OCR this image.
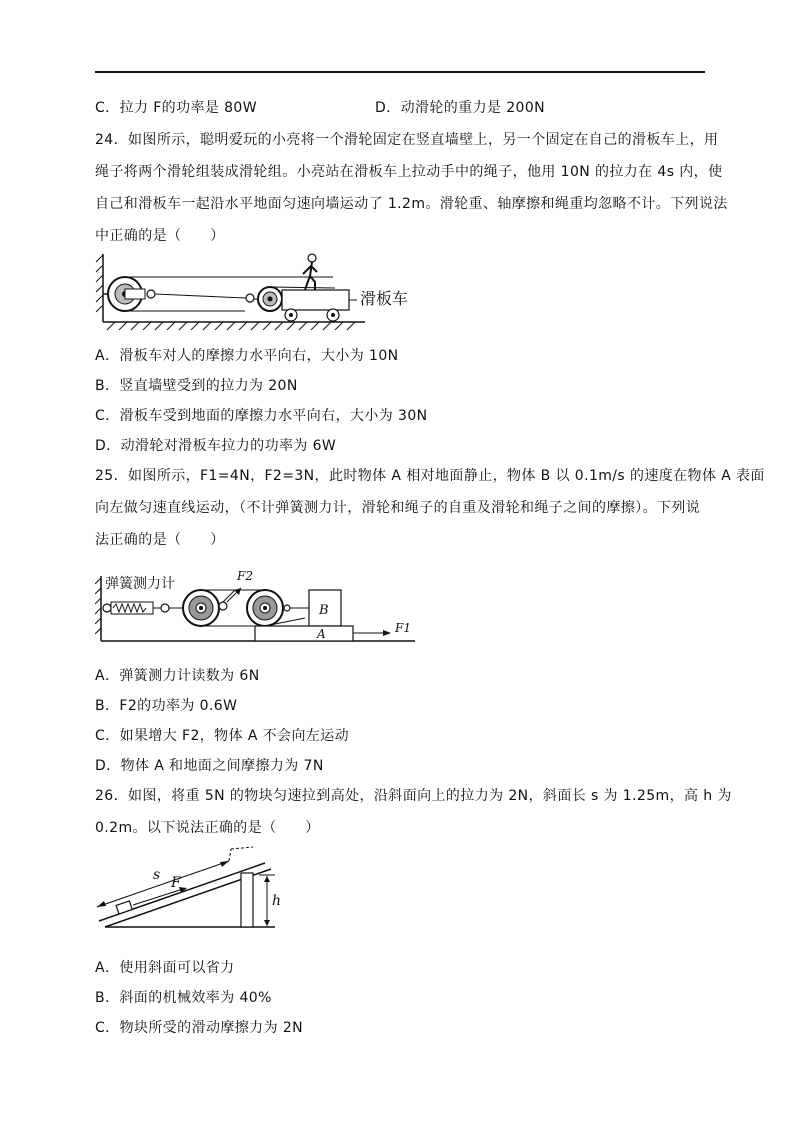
C．拉力 F的功率是 80W	D．动滑轮的重力是 200N
24．如图所示，聪明爱玩的小亮将一个滑轮固定在竖直墙壁上，另一个固定在自己的滑板车上，用
绳子将两个滑轮组装成滑轮组。小亮站在滑板车上拉动手中的绳子，他用 10N 的拉力在 4s 内，使
自己和滑板车一起沿水平地面匀速向墙运动了 1.2m。滑轮重、轴摩擦和绳重均忽略不计。下列说法
中正确的是（　　）
滑板车
A．滑板车对人的摩擦力水平向右，大小为 10N
B．竖直墙壁受到的拉力为 20N
C．滑板车受到地面的摩擦力水平向右，大小为 30N
D．动滑轮对滑板车拉力的功率为 6W
25．如图所示，F1=4N，F2=3N，此时物体 A 相对地面静止，物体 B 以 0.1m/s 的速度在物体 A 表面
向左做匀速直线运动，（不计弹簧测力计，滑轮和绳子的自重及滑轮和绳子之间的摩擦）。下列说
法正确的是（　　）
弹簧测力计	F2
B
A	F1
A．弹簧测力计读数为 6N
B．F2的功率为 0.6W
C．如果增大 F2，物体 A 不会向左运动
D．物体 A 和地面之间摩擦力为 7N
26．如图，将重 5N 的物块匀速拉到高处，沿斜面向上的拉力为 2N，斜面长 s 为 1.25m，高 h 为
0.2m。以下说法正确的是（　　）
h
s F
A．使用斜面可以省力
B．斜面的机械效率为 40%
C．物块所受的滑动摩擦力为 2N
